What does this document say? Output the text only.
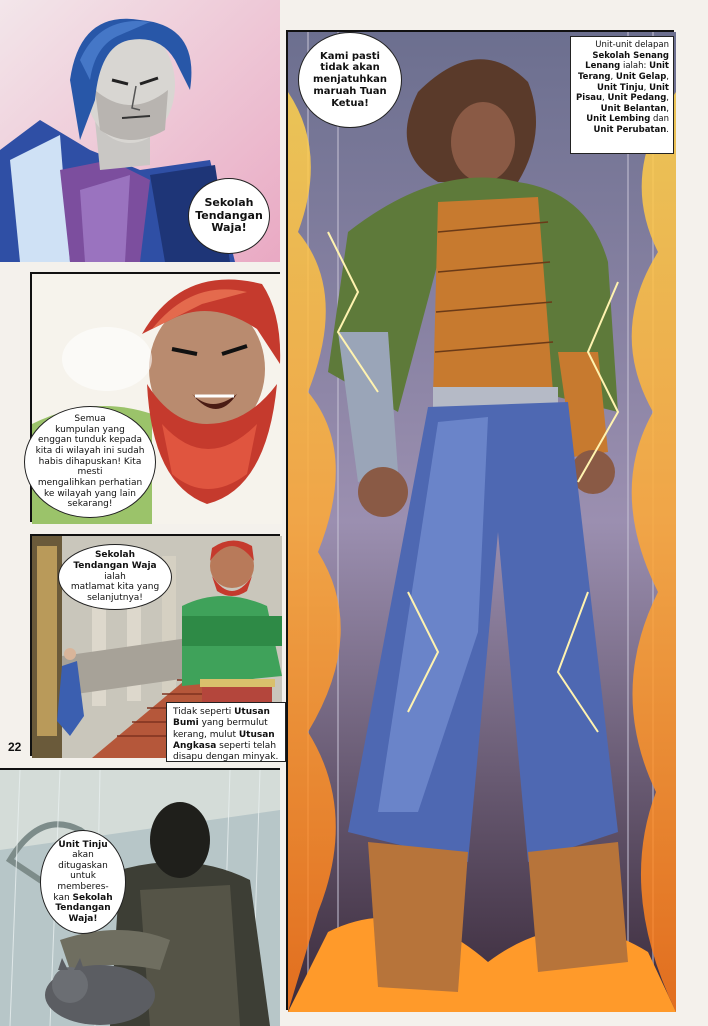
Sekolah
Tendangan
Waja!
Semua
kumpulan yang
enggan tunduk kepada
kita di wilayah ini sudah
habis dihapuskan! Kita mesti
mengalihkan perhatian
ke wilayah yang lain
sekarang!
Sekolah
Tendangan Waja ialah
matlamat kita yang
selanjutnya!
Tidak seperti Utusan
Bumi yang bermulut
kerang, mulut Utusan
Angkasa seperti telah
disapu dengan minyak.
22
Unit Tinju
akan ditugaskan
untuk memberes-
kan Sekolah
Tendangan
Waja!
Kami pasti
tidak akan
menjatuhkan
maruah Tuan
Ketua!
Unit-unit delapan
Sekolah Senang
Lenang ialah: Unit
Terang, Unit Gelap,
Unit Tinju, Unit
Pisau, Unit Pedang,
Unit Belantan,
Unit Lembing dan
Unit Perubatan.
